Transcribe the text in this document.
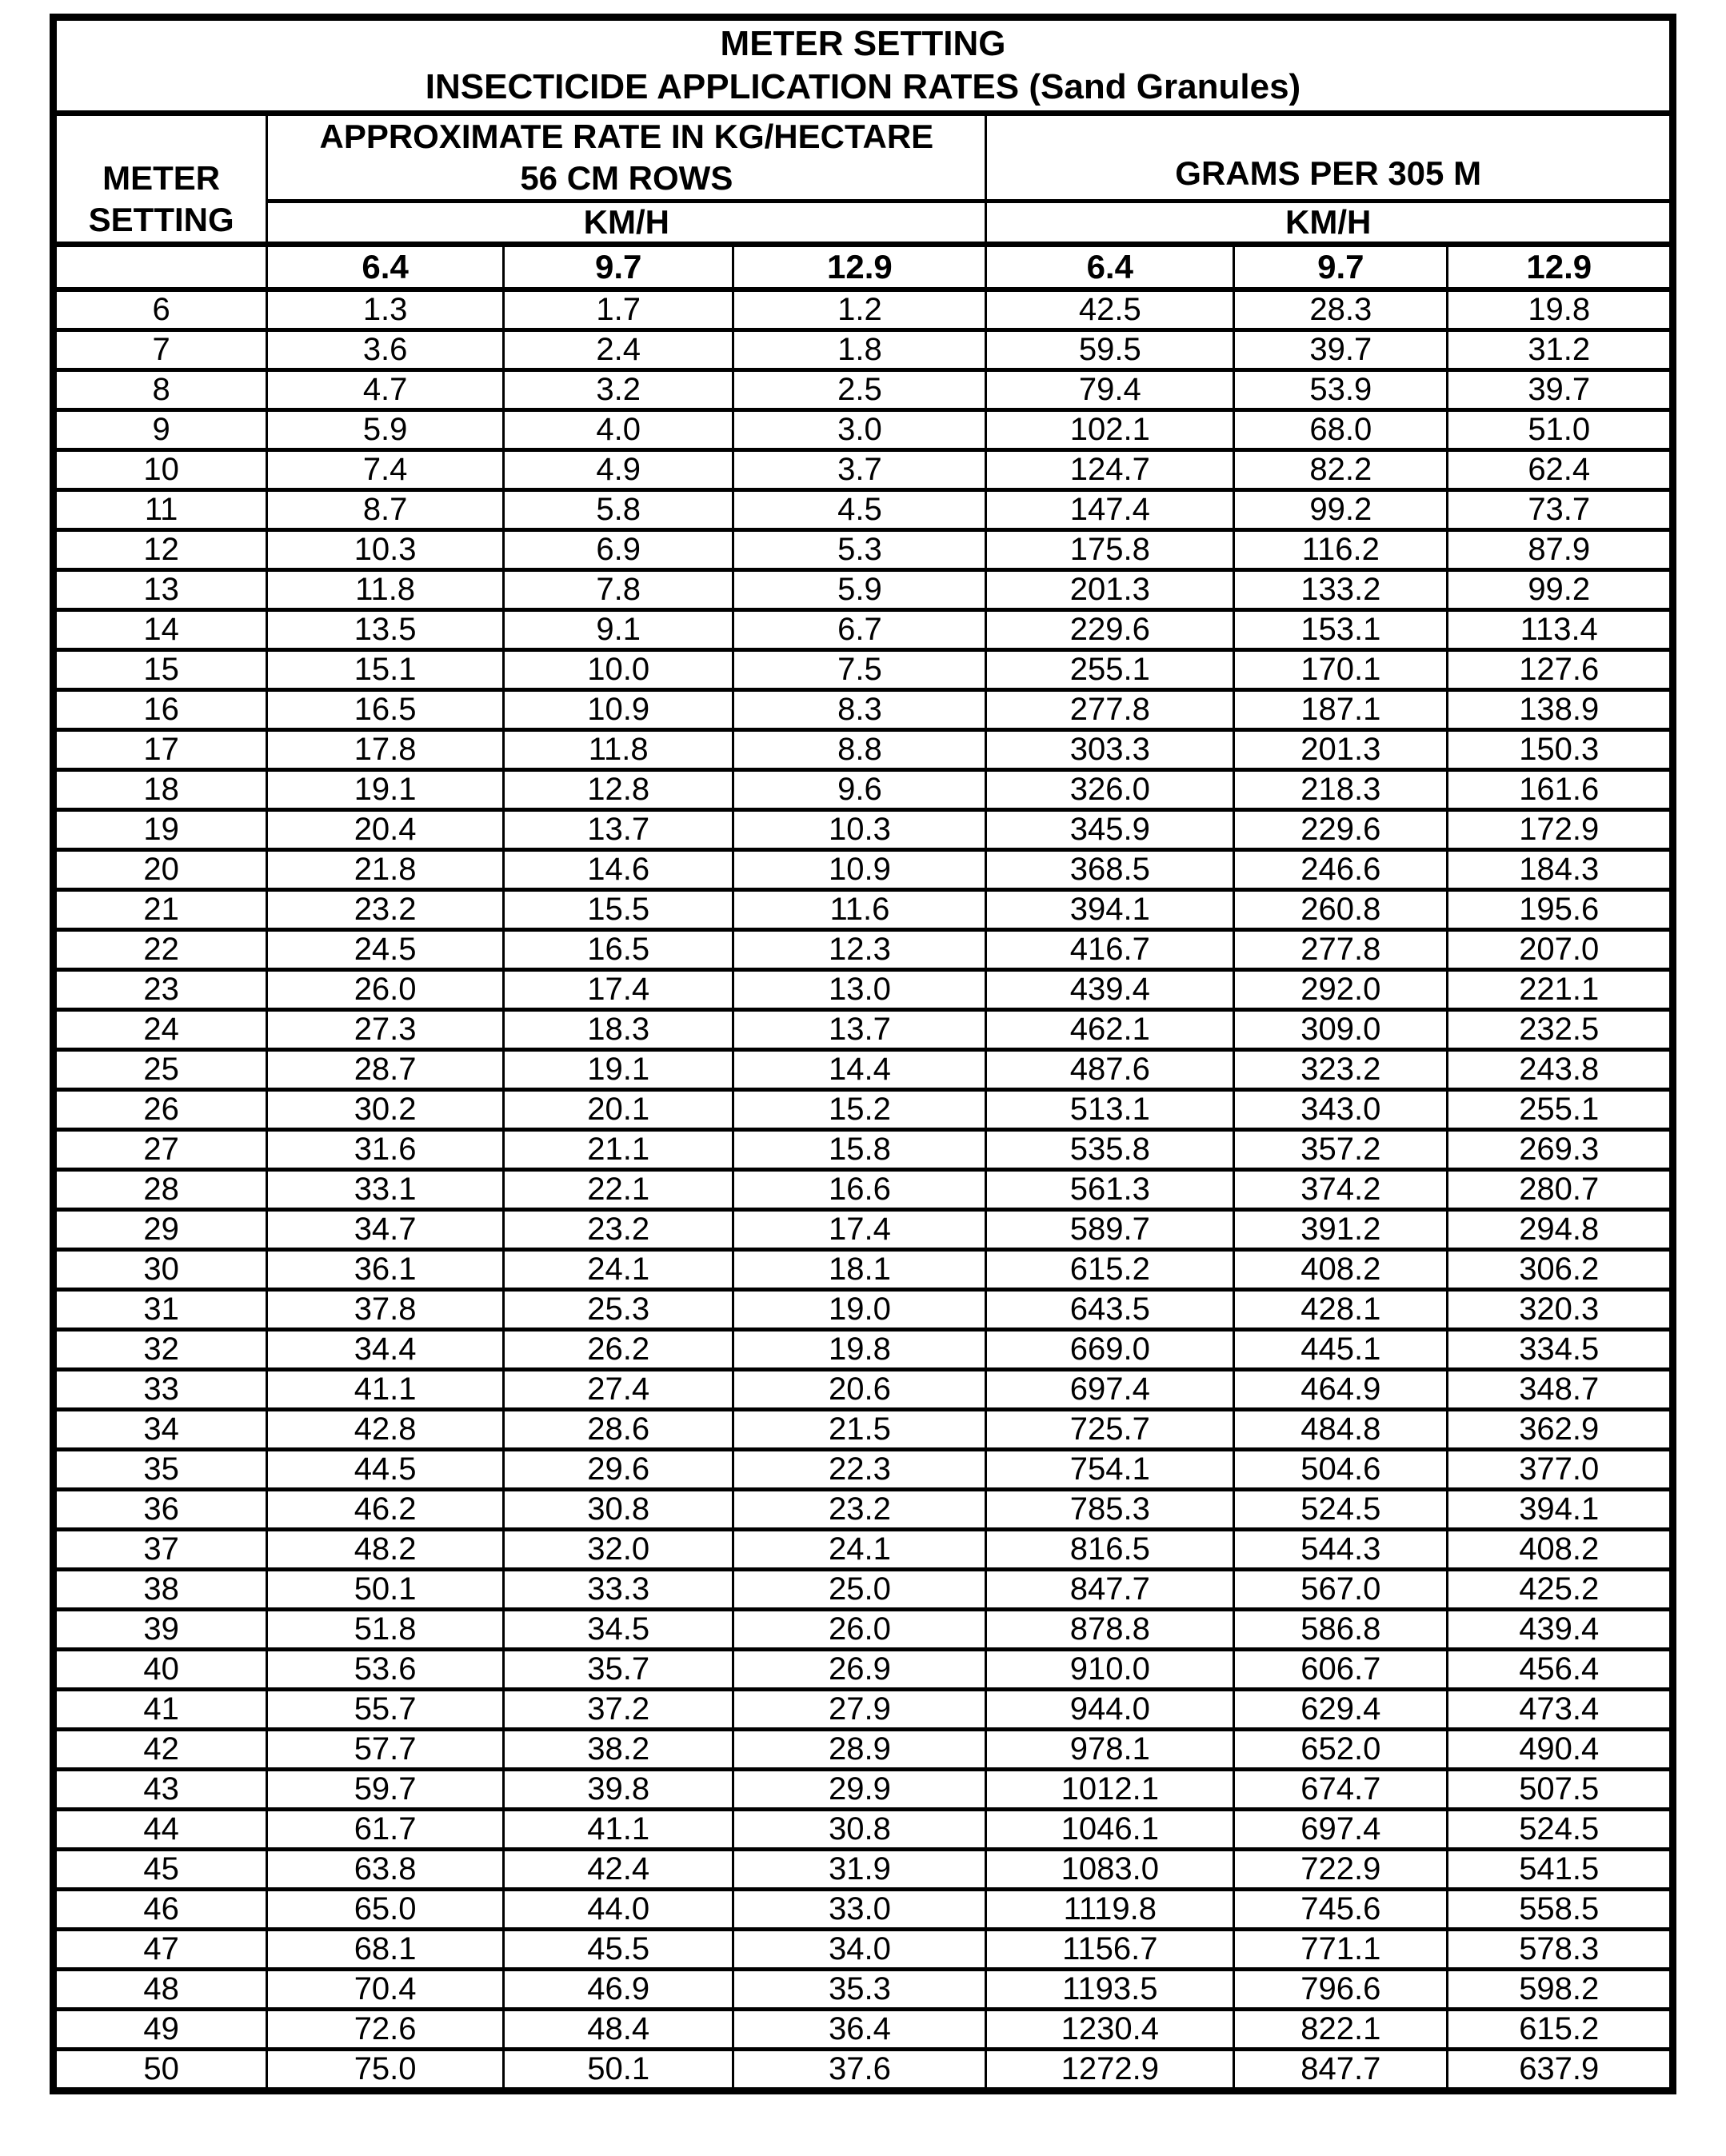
METER SETTING
INSECTICIDE APPLICATION RATES (Sand Granules)						

METER
SETTING

APPROXIMATE RATE IN KG/HECTARE
56 CM ROWS	GRAMS PER 305 M

	KM/H			KM/H		
	6.4	9.7	12.9	6.4	9.7	12.9
6	1.3	1.7	1.2	42.5	28.3	19.8
7	3.6	2.4	1.8	59.5	39.7	31.2
8	4.7	3.2	2.5	79.4	53.9	39.7
9	5.9	4.0	3.0	102.1	68.0	51.0
10	7.4	4.9	3.7	124.7	82.2	62.4
11	8.7	5.8	4.5	147.4	99.2	73.7
12	10.3	6.9	5.3	175.8	116.2	87.9
13	11.8	7.8	5.9	201.3	133.2	99.2
14	13.5	9.1	6.7	229.6	153.1	113.4
15	15.1	10.0	7.5	255.1	170.1	127.6
16	16.5	10.9	8.3	277.8	187.1	138.9
17	17.8	11.8	8.8	303.3	201.3	150.3
18	19.1	12.8	9.6	326.0	218.3	161.6
19	20.4	13.7	10.3	345.9	229.6	172.9
20	21.8	14.6	10.9	368.5	246.6	184.3
21	23.2	15.5	11.6	394.1	260.8	195.6
22	24.5	16.5	12.3	416.7	277.8	207.0
23	26.0	17.4	13.0	439.4	292.0	221.1
24	27.3	18.3	13.7	462.1	309.0	232.5
25	28.7	19.1	14.4	487.6	323.2	243.8
26	30.2	20.1	15.2	513.1	343.0	255.1
27	31.6	21.1	15.8	535.8	357.2	269.3
28	33.1	22.1	16.6	561.3	374.2	280.7
29	34.7	23.2	17.4	589.7	391.2	294.8
30	36.1	24.1	18.1	615.2	408.2	306.2
31	37.8	25.3	19.0	643.5	428.1	320.3
32	34.4	26.2	19.8	669.0	445.1	334.5
33	41.1	27.4	20.6	697.4	464.9	348.7
34	42.8	28.6	21.5	725.7	484.8	362.9
35	44.5	29.6	22.3	754.1	504.6	377.0
36	46.2	30.8	23.2	785.3	524.5	394.1
37	48.2	32.0	24.1	816.5	544.3	408.2
38	50.1	33.3	25.0	847.7	567.0	425.2
39	51.8	34.5	26.0	878.8	586.8	439.4
40	53.6	35.7	26.9	910.0	606.7	456.4
41	55.7	37.2	27.9	944.0	629.4	473.4
42	57.7	38.2	28.9	978.1	652.0	490.4
43	59.7	39.8	29.9	1012.1	674.7	507.5
44	61.7	41.1	30.8	1046.1	697.4	524.5
45	63.8	42.4	31.9	1083.0	722.9	541.5
46	65.0	44.0	33.0	1119.8	745.6	558.5
47	68.1	45.5	34.0	1156.7	771.1	578.3
48	70.4	46.9	35.3	1193.5	796.6	598.2
49	72.6	48.4	36.4	1230.4	822.1	615.2
50	75.0	50.1	37.6	1272.9	847.7	637.9
